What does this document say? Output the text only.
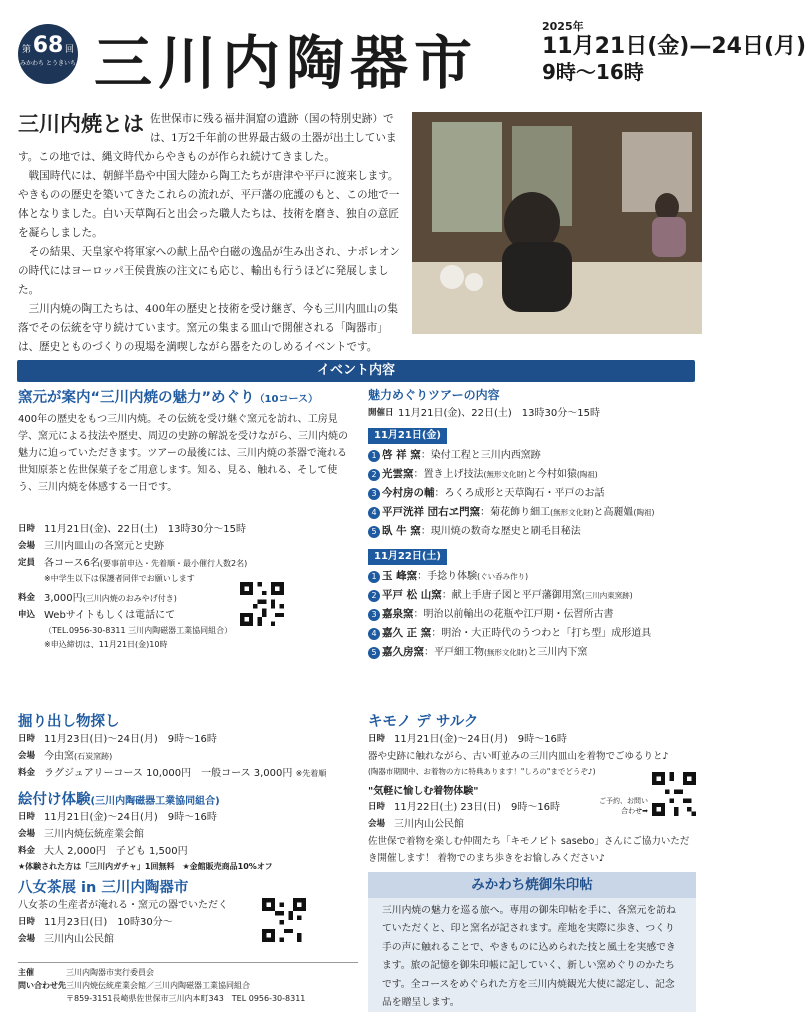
第 68 回
みかわち とうきいち 三川内陶器市
2025年
11月21日(金)—24日(月)
9時〜16時
三川内焼とは 佐世保市に残る福井洞窟の遺跡（国の特別史跡）では、1万2千年前の世界最古級の土器が出土しています。この地では、縄文時代からやきものが作られ続けてきました。

戦国時代には、朝鮮半島や中国大陸から陶工たちが唐津や平戸に渡来します。やきものの歴史を築いてきたこれらの流れが、平戸藩の庇護のもと、この地で一体となりました。白い天草陶石と出会った職人たちは、技術を磨き、独自の意匠を凝らしました。

その結果、天皇家や将軍家への献上品や白磁の逸品が生み出され、ナポレオンの時代にはヨーロッパ王侯貴族の注文にも応じ、輸出も行うほどに発展しました。

三川内焼の陶工たちは、400年の歴史と技術を受け継ぎ、今も三川内皿山の集落でその伝統を守り続けています。窯元の集まる皿山で開催される「陶器市」は、歴史とものづくりの現場を満喫しながら器をたのしめるイベントです。

イベント内容
窯元が案内“三川内焼の魅力”めぐり（10コース）
400年の歴史をもつ三川内焼。その伝統を受け継ぐ窯元を訪れ、工房見学、窯元による技法や歴史、周辺の史跡の解説を受けながら、三川内焼の魅力に迫っていただきます。ツアーの最後には、三川内焼の茶器で淹れる世知原茶と佐世保菓子をご用意します。知る、見る、触れる、そして使う、三川内焼を体感する一日です。
日時 11月21日(金)、22日(土)　13時30分〜15時
会場 三川内皿山の各窯元と史跡
定員 各コース6名(要事前申込・先着順・最小催行人数2名)
※中学生以下は保護者同伴でお願いします
料金 3,000円(三川内焼のおみやげ付き)
申込 Webサイトもしくは電話にて
（TEL.0956-30-8311 三川内陶磁器工業協同組合）
※申込締切は、11月21日(金)10時
魅力めぐりツアーの内容
開催日 11月21日(金)、22日(土)　13時30分〜15時
11月21日(金)
1 啓 祥 窯：染付工程と三川内西窯跡
2 光雲窯：置き上げ技法(無形文化財)と今村如猿(陶祖)
3 今村房の輔：ろくろ成形と天草陶石・平戸のお話
4 平戸洸祥 団右ヱ門窯：菊花飾り細工(無形文化財)と高麗媼(陶祖)
5 臥 牛 窯：現川焼の数奇な歴史と刷毛目秘法
11月22日(土)
1 玉 峰窯：手捻り体験(ぐい呑み作り)
2 平戸 松 山窯：献上手唐子図と平戸藩御用窯(三川内東窯跡)
3 嘉泉窯：明治以前輸出の花瓶や江戸期・伝習所古書
4 嘉久 正 窯：明治・大正時代のうつわと「打ち型」成形道具
5 嘉久房窯：平戸細工物(無形文化財)と三川内下窯
掘り出し物探し
日時 11月23日(日)〜24日(月)　9時〜16時
会場 今由窯(石炭窯跡)
料金 ラグジュアリーコース 10,000円　一般コース 3,000円 ※先着順
絵付け体験(三川内陶磁器工業協同組合)
日時 11月21日(金)〜24日(月)　9時〜16時
会場 三川内焼伝統産業会館
料金 大人 2,000円　子ども 1,500円
★体験された方は「三川内ガチャ」1回無料　★金館販売商品10%オフ
八女茶展 in 三川内陶器市
八女茶の生産者が淹れる・窯元の器でいただく
日時 11月23日(日)　10時30分〜
会場 三川内山公民館
キモノ デ サルク
日時 11月21日(金)〜24日(月)　9時〜16時
器や史跡に触れながら、古い町並みの三川内皿山を着物でごゆるりと♪
(陶器市期間中、お着物の方に特典あります！"しろの"までどうぞ♪)
"気軽に愉しむ着物体験"
日時 11月22日(土) 23日(日)　9時〜16時
会場 三川内山公民館
佐世保で着物を楽しむ仲間たち「キモノビト sasebo」さんにご協力いただき開催します！ 着物でのまち歩きをお愉しみください♪
ご予約、お問い合わせ➡
みかわち焼御朱印帖
三川内焼の魅力を巡る旅へ。専用の御朱印帖を手に、各窯元を訪ねていただくと、印と窯名が記されます。産地を実際に歩き、つくり手の声に触れることで、やきものに込められた技と風土を実感できます。旅の記憶を御朱印帳に記していく、新しい窯めぐりのかたちです。全コースをめぐられた方を三川内焼観光大使に認定し、記念品を贈呈します。
主催	三川内陶器市実行委員会
問い合わせ先 三川内焼伝統産業会館／三川内陶磁器工業協同組合
〒859-3151長崎県佐世保市三川内本町343　TEL 0956-30-8311
